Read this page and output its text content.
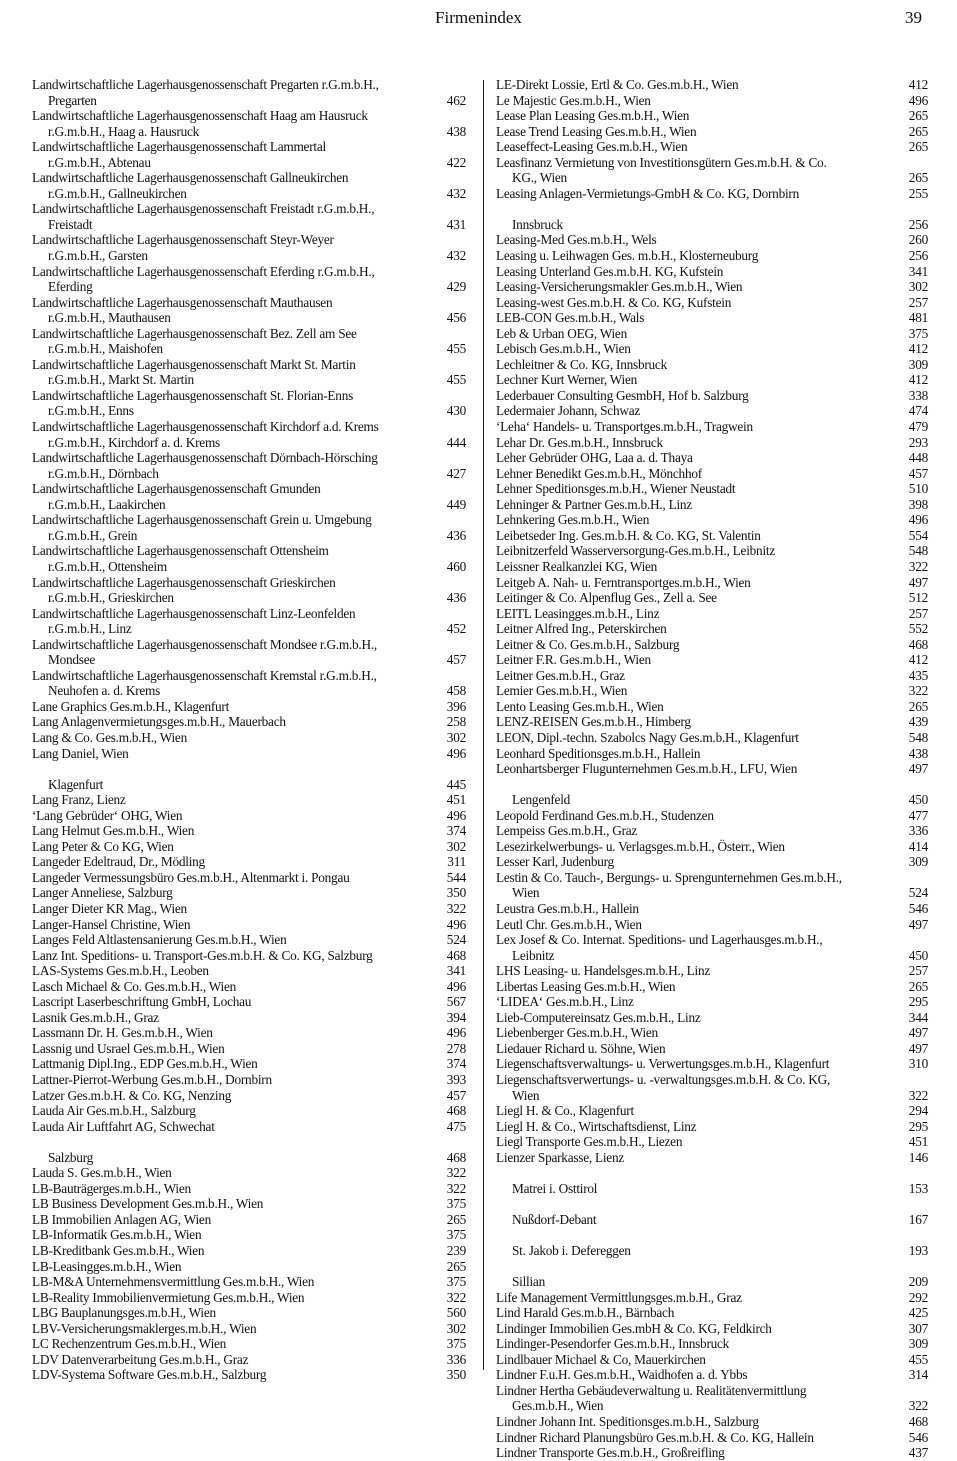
Firmenindex	39
Landwirtschaftliche Lagerhausgenossenschaft Pregarten r.G.m.b.H.,
Pregarten	462
Landwirtschaftliche Lagerhausgenossenschaft Haag am Hausruck
r.G.m.b.H., Haag a. Hausruck	438
Landwirtschaftliche Lagerhausgenossenschaft Lammertal
r.G.m.b.H., Abtenau	422
Landwirtschaftliche Lagerhausgenossenschaft Gallneukirchen
r.G.m.b.H., Gallneukirchen	432
Landwirtschaftliche Lagerhausgenossenschaft Freistadt r.G.m.b.H.,
Freistadt	431
Landwirtschaftliche Lagerhausgenossenschaft Steyr-Weyer
r.G.m.b.H., Garsten	432
Landwirtschaftliche Lagerhausgenossenschaft Eferding r.G.m.b.H.,
Eferding	429
Landwirtschaftliche Lagerhausgenossenschaft Mauthausen
r.G.m.b.H., Mauthausen	456
Landwirtschaftliche Lagerhausgenossenschaft Bez. Zell am See
r.G.m.b.H., Maishofen	455
Landwirtschaftliche Lagerhausgenossenschaft Markt St. Martin
r.G.m.b.H., Markt St. Martin	455
Landwirtschaftliche Lagerhausgenossenschaft St. Florian-Enns
r.G.m.b.H., Enns	430
Landwirtschaftliche Lagerhausgenossenschaft Kirchdorf a.d. Krems
r.G.m.b.H., Kirchdorf a. d. Krems	444
Landwirtschaftliche Lagerhausgenossenschaft Dörnbach-Hörsching
r.G.m.b.H., Dörnbach	427
Landwirtschaftliche Lagerhausgenossenschaft Gmunden
r.G.m.b.H., Laakirchen	449
Landwirtschaftliche Lagerhausgenossenschaft Grein u. Umgebung
r.G.m.b.H., Grein	436
Landwirtschaftliche Lagerhausgenossenschaft Ottensheim
r.G.m.b.H., Ottensheim	460
Landwirtschaftliche Lagerhausgenossenschaft Grieskirchen
r.G.m.b.H., Grieskirchen	436
Landwirtschaftliche Lagerhausgenossenschaft Linz-Leonfelden
r.G.m.b.H., Linz	452
Landwirtschaftliche Lagerhausgenossenschaft Mondsee r.G.m.b.H.,
Mondsee	457
Landwirtschaftliche Lagerhausgenossenschaft Kremstal r.G.m.b.H.,
Neuhofen a. d. Krems	458
Lane Graphics Ges.m.b.H., Klagenfurt	396
Lang Anlagenvermietungsges.m.b.H., Mauerbach	258
Lang & Co. Ges.m.b.H., Wien	302
Lang Daniel, Wien	496

Klagenfurt	445
Lang Franz, Lienz	451
‘Lang Gebrüder‘ OHG, Wien	496
Lang Helmut Ges.m.b.H., Wien	374
Lang Peter & Co KG, Wien	302
Langeder Edeltraud, Dr., Mödling	311
Langeder Vermessungsbüro Ges.m.b.H., Altenmarkt i. Pongau	544
Langer Anneliese, Salzburg	350
Langer Dieter KR Mag., Wien	322
Langer-Hansel Christine, Wien	496
Langes Feld Altlastensanierung Ges.m.b.H., Wien	524
Lanz Int. Speditions- u. Transport-Ges.m.b.H. & Co. KG, Salzburg	468
LAS-Systems Ges.m.b.H., Leoben	341
Lasch Michael & Co. Ges.m.b.H., Wien	496
Lascript Laserbeschriftung GmbH, Lochau	567
Lasnik Ges.m.b.H., Graz	394
Lassmann Dr. H. Ges.m.b.H., Wien	496
Lassnig und Usrael Ges.m.b.H., Wien	278
Lattmanig Dipl.Ing., EDP Ges.m.b.H., Wien	374
Lattner-Pierrot-Werbung Ges.m.b.H., Dornbirn	393
Latzer Ges.m.b.H. & Co. KG, Nenzing	457
Lauda Air Ges.m.b.H., Salzburg	468
Lauda Air Luftfahrt AG, Schwechat	475

Salzburg	468
Lauda S. Ges.m.b.H., Wien	322
LB-Bauträgerges.m.b.H., Wien	322
LB Business Development Ges.m.b.H., Wien	375
LB Immobilien Anlagen AG, Wien	265
LB-Informatik Ges.m.b.H., Wien	375
LB-Kreditbank Ges.m.b.H., Wien	239
LB-Leasingges.m.b.H., Wien	265
LB-M&A Unternehmensvermittlung Ges.m.b.H., Wien	375
LB-Reality Immobilienvermietung Ges.m.b.H., Wien	322
LBG Bauplanungsges.m.b.H., Wien	560
LBV-Versicherungsmaklerges.m.b.H., Wien	302
LC Rechenzentrum Ges.m.b.H., Wien	375
LDV Datenverarbeitung Ges.m.b.H., Graz	336
LDV-Systema Software Ges.m.b.H., Salzburg	350
LE-Direkt Lossie, Ertl & Co. Ges.m.b.H., Wien	412
Le Majestic Ges.m.b.H., Wien	496
Lease Plan Leasing Ges.m.b.H., Wien	265
Lease Trend Leasing Ges.m.b.H., Wien	265
Leaseffect-Leasing Ges.m.b.H., Wien	265
Leasfinanz Vermietung von Investitionsgütern Ges.m.b.H. & Co.
KG., Wien	265
Leasing Anlagen-Vermietungs-GmbH & Co. KG, Dornbirn	255

Innsbruck	256
Leasing-Med Ges.m.b.H., Wels	260
Leasing u. Leihwagen Ges. m.b.H., Klosterneuburg	256
Leasing Unterland Ges.m.b.H. KG, Kufstein	341
Leasing-Versicherungsmakler Ges.m.b.H., Wien	302
Leasing-west Ges.m.b.H. & Co. KG, Kufstein	257
LEB-CON Ges.m.b.H., Wals	481
Leb & Urban OEG, Wien	375
Lebisch Ges.m.b.H., Wien	412
Lechleitner & Co. KG, Innsbruck	309
Lechner Kurt Werner, Wien	412
Lederbauer Consulting GesmbH, Hof b. Salzburg	338
Ledermaier Johann, Schwaz	474
‘Leha‘ Handels- u. Transportges.m.b.H., Tragwein	479
Lehar Dr. Ges.m.b.H., Innsbruck	293
Leher Gebrüder OHG, Laa a. d. Thaya	448
Lehner Benedikt Ges.m.b.H., Mönchhof	457
Lehner Speditionsges.m.b.H., Wiener Neustadt	510
Lehninger & Partner Ges.m.b.H., Linz	398
Lehnkering Ges.m.b.H., Wien	496
Leibetseder Ing. Ges.m.b.H. & Co. KG, St. Valentin	554
Leibnitzerfeld Wasserversorgung-Ges.m.b.H., Leibnitz	548
Leissner Realkanzlei KG, Wien	322
Leitgeb A. Nah- u. Ferntransportges.m.b.H., Wien	497
Leitinger & Co. Alpenflug Ges., Zell a. See	512
LEITL Leasingges.m.b.H., Linz	257
Leitner Alfred Ing., Peterskirchen	552
Leitner & Co. Ges.m.b.H., Salzburg	468
Leitner F.R. Ges.m.b.H., Wien	412
Leitner Ges.m.b.H., Graz	435
Lemier Ges.m.b.H., Wien	322
Lento Leasing Ges.m.b.H., Wien	265
LENZ-REISEN Ges.m.b.H., Himberg	439
LEON, Dipl.-techn. Szabolcs Nagy Ges.m.b.H., Klagenfurt	548
Leonhard Speditionsges.m.b.H., Hallein	438
Leonhartsberger Flugunternehmen Ges.m.b.H., LFU, Wien	497

Lengenfeld	450
Leopold Ferdinand Ges.m.b.H., Studenzen	477
Lempeiss Ges.m.b.H., Graz	336
Lesezirkelwerbungs- u. Verlagsges.m.b.H., Österr., Wien	414
Lesser Karl, Judenburg	309
Lestin & Co. Tauch-, Bergungs- u. Sprengunternehmen Ges.m.b.H.,
Wien	524
Leustra Ges.m.b.H., Hallein	546
Leutl Chr. Ges.m.b.H., Wien	497
Lex Josef & Co. Internat. Speditions- und Lagerhausges.m.b.H.,
Leibnitz	450
LHS Leasing- u. Handelsges.m.b.H., Linz	257
Libertas Leasing Ges.m.b.H., Wien	265
‘LIDEA‘ Ges.m.b.H., Linz	295
Lieb-Computereinsatz Ges.m.b.H., Linz	344
Liebenberger Ges.m.b.H., Wien	497
Liedauer Richard u. Söhne, Wien	497
Liegenschaftsverwaltungs- u. Verwertungsges.m.b.H., Klagenfurt	310
Liegenschaftsverwertungs- u. -verwaltungsges.m.b.H. & Co. KG,
Wien	322
Liegl H. & Co., Klagenfurt	294
Liegl H. & Co., Wirtschaftsdienst, Linz	295
Liegl Transporte Ges.m.b.H., Liezen	451
Lienzer Sparkasse, Lienz	146

Matrei i. Osttirol	153

Nußdorf-Debant	167

St. Jakob i. Defereggen	193

Sillian	209
Life Management Vermittlungsges.m.b.H., Graz	292
Lind Harald Ges.m.b.H., Bärnbach	425
Lindinger Immobilien Ges.mbH & Co. KG, Feldkirch	307
Lindinger-Pesendorfer Ges.m.b.H., Innsbruck	309
Lindlbauer Michael & Co, Mauerkirchen	455
Lindner F.u.H. Ges.m.b.H., Waidhofen a. d. Ybbs	314
Lindner Hertha Gebäudeverwaltung u. Realitätenvermittlung
Ges.m.b.H., Wien	322
Lindner Johann Int. Speditionsges.m.b.H., Salzburg	468
Lindner Richard Planungsbüro Ges.m.b.H. & Co. KG, Hallein	546
Lindner Transporte Ges.m.b.H., Großreifling	437
